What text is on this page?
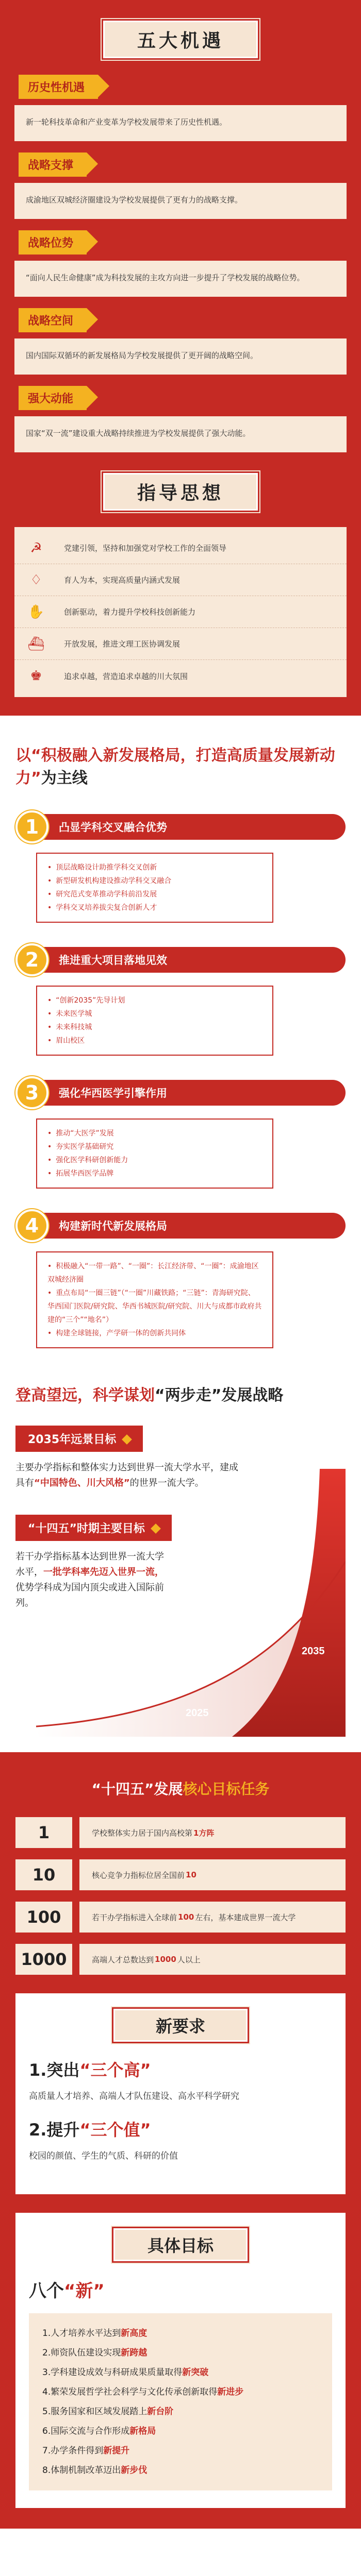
五大机遇
历史性机遇
新一轮科技革命和产业变革为学校发展带来了历史性机遇。
战略支撑
成渝地区双城经济圈建设为学校发展提供了更有力的战略支撑。
战略位势
“面向人民生命健康”成为科技发展的主攻方向进一步提升了学校发展的战略位势。
战略空间
国内国际双循环的新发展格局为学校发展提供了更开阔的战略空间。
强大动能
国家“双一流”建设重大战略持续推进为学校发展提供了强大动能。
指导思想
☭	党建引领，坚持和加强党对学校工作的全面领导
♢	育人为本，实现高质量内涵式发展
✋	创新驱动，着力提升学校科技创新能力
⛴	开放发展，推进文理工医协调发展
♚	追求卓越，营造追求卓越的川大氛围
以“积极融入新发展格局，打造高质量发展新动力”为主线
1	凸显学科交叉融合优势
• 顶层战略设计助推学科交叉创新
• 新型研发机构建设推动学科交叉融合
• 研究范式变革推动学科前沿发展
• 学科交叉培养拔尖复合创新人才
2	推进重大项目落地见效
• “创新2035”先导计划
• 未来医学城
• 未来科技城
• 眉山校区
3	强化华西医学引擎作用
• 推动“大医学”发展
• 夯实医学基础研究
• 强化医学科研创新能力
• 拓展华西医学品牌
4	构建新时代新发展格局
• 积极融入“一带一路”、“一圈”：长江经济带、“一圈”：成渝地区双城经济圈
• 重点布局“一圈三链”（“一圈”川藏铁路；“三链”：青海研究院、华西国门医院/研究院、华西书城医院/研究院、川大与成都市政府共建的“三个”“地名”）
• 构建全球链接，产学研一体的创新共同体
登高望远，科学谋划“两步走”发展战略
2025
2035
2035年远景目标
主要办学指标和整体实力达到世界一流大学水平，建成具有“中国特色、川大风格”的世界一流大学。
“十四五”时期主要目标
若干办学指标基本达到世界一流大学水平，一批学科率先迈入世界一流，优势学科成为国内顶尖或进入国际前列。
“十四五”发展核心目标任务
1	学校整体实力居于国内高校第 1方阵
10	核心竞争力指标位居全国前 10
100	若干办学指标进入全球前 100 左右，基本建成世界一流大学
1000	高端人才总数达到 1000 人以上
新要求
1.突出“三个高”
高质量人才培养、高端人才队伍建设、高水平科学研究
2.提升“三个值”
校园的颜值、学生的气质、科研的价值
具体目标
八个“新”

1.人才培养水平达到新高度

2.师资队伍建设实现新跨越

3.学科建设成效与科研成果质量取得新突破

4.繁荣发展哲学社会科学与文化传承创新取得新进步

5.服务国家和区域发展踏上新台阶

6.国际交流与合作形成新格局

7.办学条件得到新提升

8.体制机制改革迈出新步伐
